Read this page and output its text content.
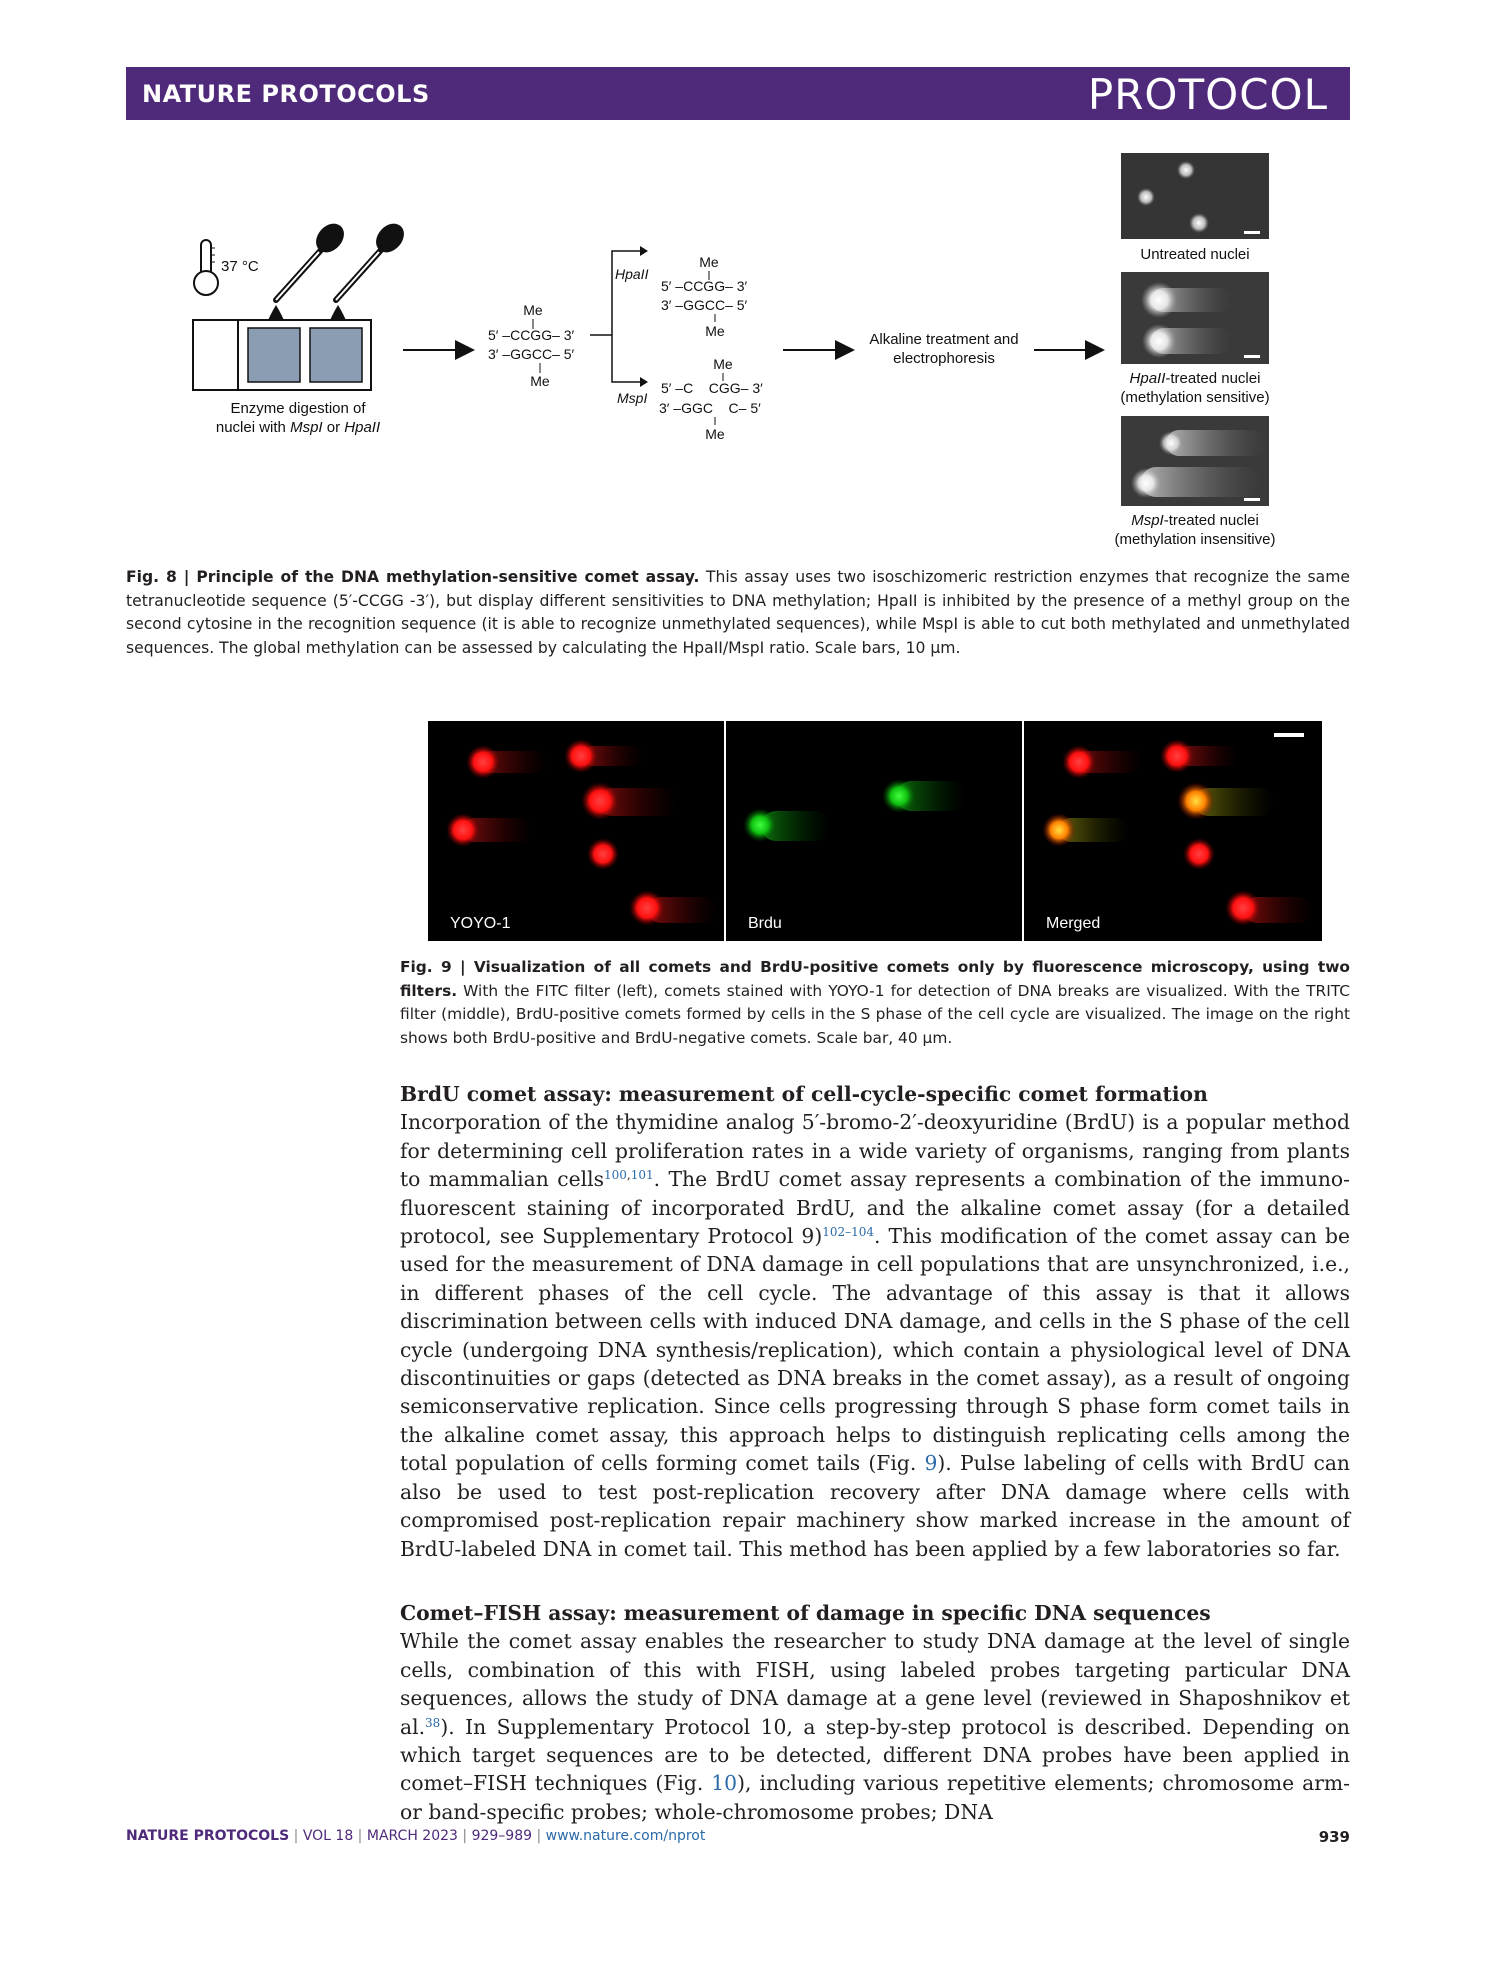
NATURE PROTOCOLS	PROTOCOL
37 °C
Enzyme digestion of
nuclei with MspI or HpaII
Me
5′ –CCGG– 3′
3′ –GGCC– 5′
Me
HpaII
MspI
Me
5′ –CCGG– 3′
3′ –GGCC– 5′
Me
Me
5′ –C    CGG– 3′
3′ –GGC    C– 5′
Me
Alkaline treatment and
electrophoresis
Untreated nuclei
HpaII-treated nuclei
(methylation sensitive)
MspI-treated nuclei
(methylation insensitive)
Fig. 8 | Principle of the DNA methylation-sensitive comet assay. This assay uses two isoschizomeric restriction enzymes that recognize the same tetranucleotide sequence (5′-CCGG -3′), but display different sensitivities to DNA methylation; HpaII is inhibited by the presence of a methyl group on the second cytosine in the recognition sequence (it is able to recognize unmethylated sequences), while MspI is able to cut both methylated and unmethylated sequences. The global methylation can be assessed by calculating the HpaII/MspI ratio. Scale bars, 10 μm.
YOYO-1	Brdu	Merged
Fig. 9 | Visualization of all comets and BrdU-positive comets only by fluorescence microscopy, using two filters. With the FITC filter (left), comets stained with YOYO-1 for detection of DNA breaks are visualized. With the TRITC filter (middle), BrdU-positive comets formed by cells in the S phase of the cell cycle are visualized. The image on the right shows both BrdU-positive and BrdU-negative comets. Scale bar, 40 μm.
BrdU comet assay: measurement of cell-cycle-specific comet formation

Incorporation of the thymidine analog 5′-bromo-2′-deoxyuridine (BrdU) is a popular method for determining cell proliferation rates in a wide variety of organisms, ranging from plants to mammalian cells$^{100,101}$. The BrdU comet assay represents a combination of the immuno-fluorescent staining of incorporated BrdU, and the alkaline comet assay (for a detailed protocol, see Supplementary Protocol 9)$^{102-104}$. This modification of the comet assay can be used for the measurement of DNA damage in cell populations that are unsynchronized, i.e., in different phases of the cell cycle. The advantage of this assay is that it allows discrimination between cells with induced DNA damage, and cells in the S phase of the cell cycle (undergoing DNA synthesis/replication), which contain a physiological level of DNA discontinuities or gaps (detected as DNA breaks in the comet assay), as a result of ongoing semiconservative replication. Since cells progressing through S phase form comet tails in the alkaline comet assay, this approach helps to distinguish replicating cells among the total population of cells forming comet tails (Fig. 9). Pulse labeling of cells with BrdU can also be used to test post-replication recovery after DNA damage where cells with compromised post-replication repair machinery show marked increase in the amount of BrdU-labeled DNA in comet tail. This method has been applied by a few laboratories so far.

Comet–FISH assay: measurement of damage in specific DNA sequences

While the comet assay enables the researcher to study DNA damage at the level of single cells, combination of this with FISH, using labeled probes targeting particular DNA sequences, allows the study of DNA damage at a gene level (reviewed in Shaposhnikov et al.$^{38}$). In Supplementary Protocol 10, a step-by-step protocol is described. Depending on which target sequences are to be detected, different DNA probes have been applied in comet–FISH techniques (Fig. 10), including various repetitive elements; chromosome arm- or band-specific probes; whole-chromosome probes; DNA

NATURE PROTOCOLS | VOL 18 | MARCH 2023 | 929–989 | www.nature.com/nprot	939
